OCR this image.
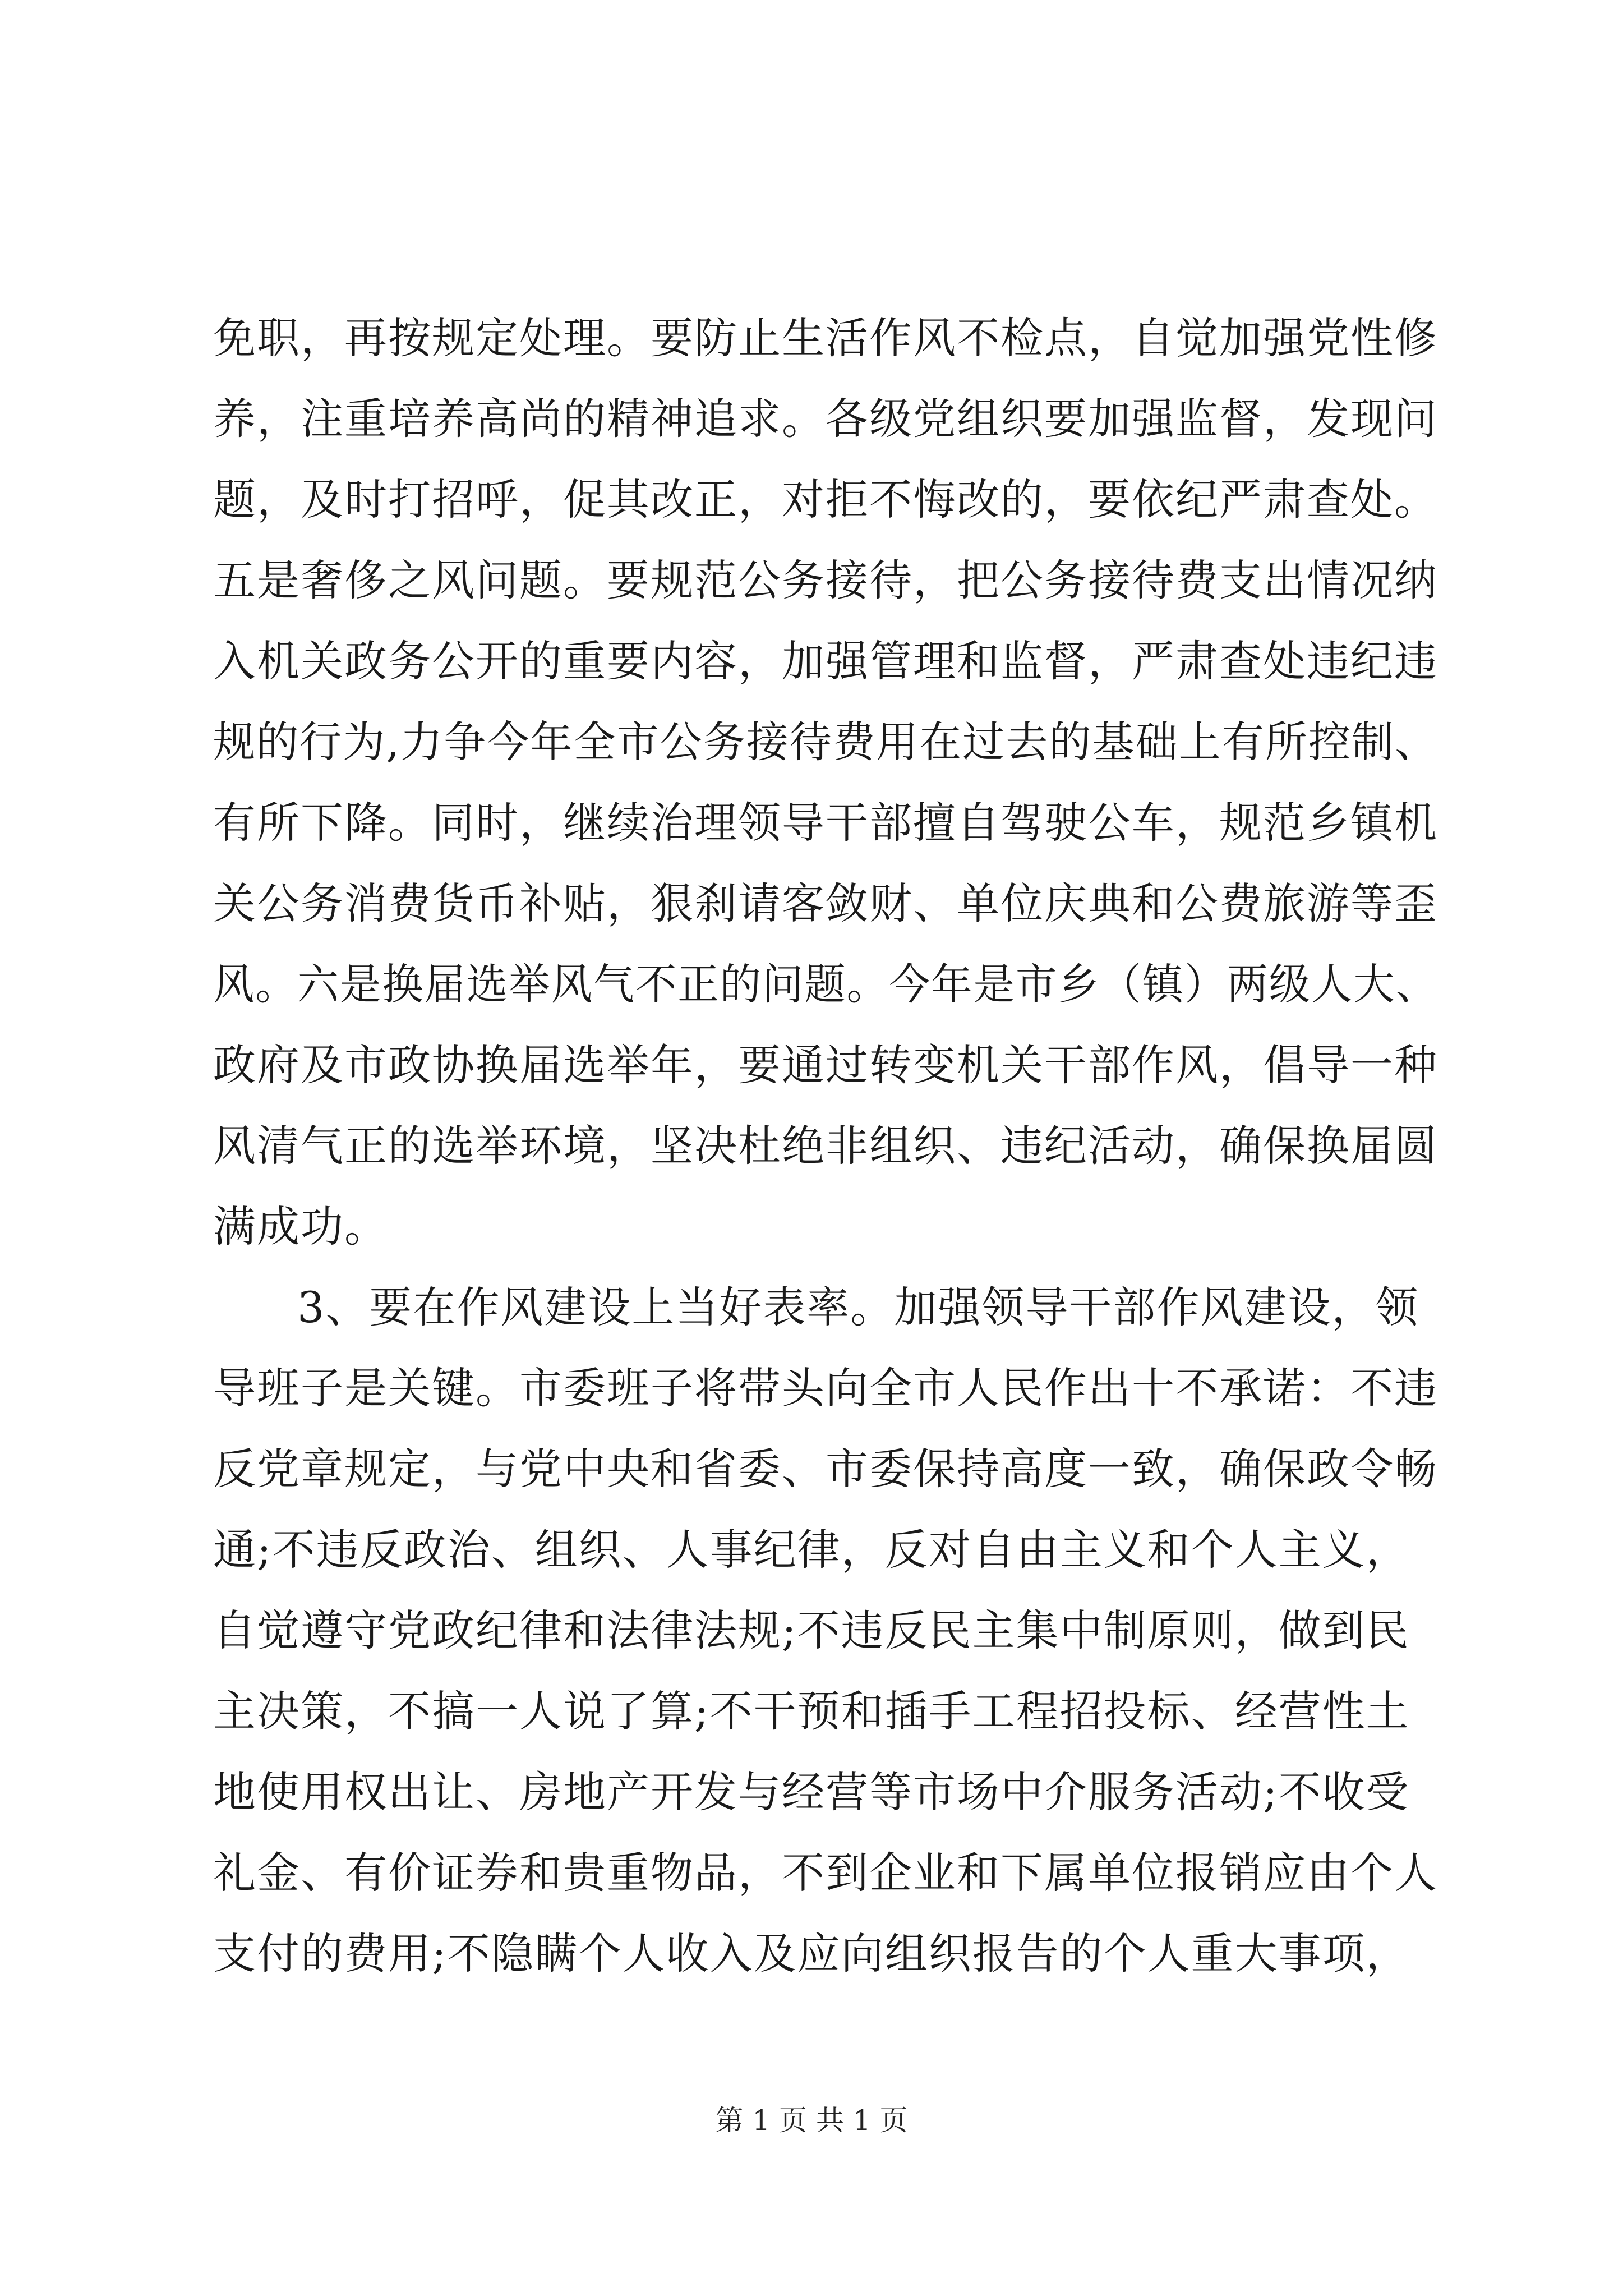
免职，再按规定处理。要防止生活作风不检点，自觉加强党性修
养，注重培养高尚的精神追求。各级党组织要加强监督，发现问
题，及时打招呼，促其改正，对拒不悔改的，要依纪严肃查处。
五是奢侈之风问题。要规范公务接待，把公务接待费支出情况纳
入机关政务公开的重要内容，加强管理和监督，严肃查处违纪违
规的行为,力争今年全市公务接待费用在过去的基础上有所控制、
有所下降。同时，继续治理领导干部擅自驾驶公车，规范乡镇机
关公务消费货币补贴，狠刹请客敛财、单位庆典和公费旅游等歪
风。六是换届选举风气不正的问题。今年是市乡（镇）两级人大、
政府及市政协换届选举年，要通过转变机关干部作风，倡导一种
风清气正的选举环境，坚决杜绝非组织、违纪活动，确保换届圆
满成功。
3、要在作风建设上当好表率。加强领导干部作风建设，领
导班子是关键。市委班子将带头向全市人民作出十不承诺：不违
反党章规定，与党中央和省委、市委保持高度一致，确保政令畅
通;不违反政治、组织、人事纪律，反对自由主义和个人主义，
自觉遵守党政纪律和法律法规;不违反民主集中制原则，做到民
主决策，不搞一人说了算;不干预和插手工程招投标、经营性土
地使用权出让、房地产开发与经营等市场中介服务活动;不收受
礼金、有价证券和贵重物品，不到企业和下属单位报销应由个人
支付的费用;不隐瞒个人收入及应向组织报告的个人重大事项，
第 1 页 共 1 页
